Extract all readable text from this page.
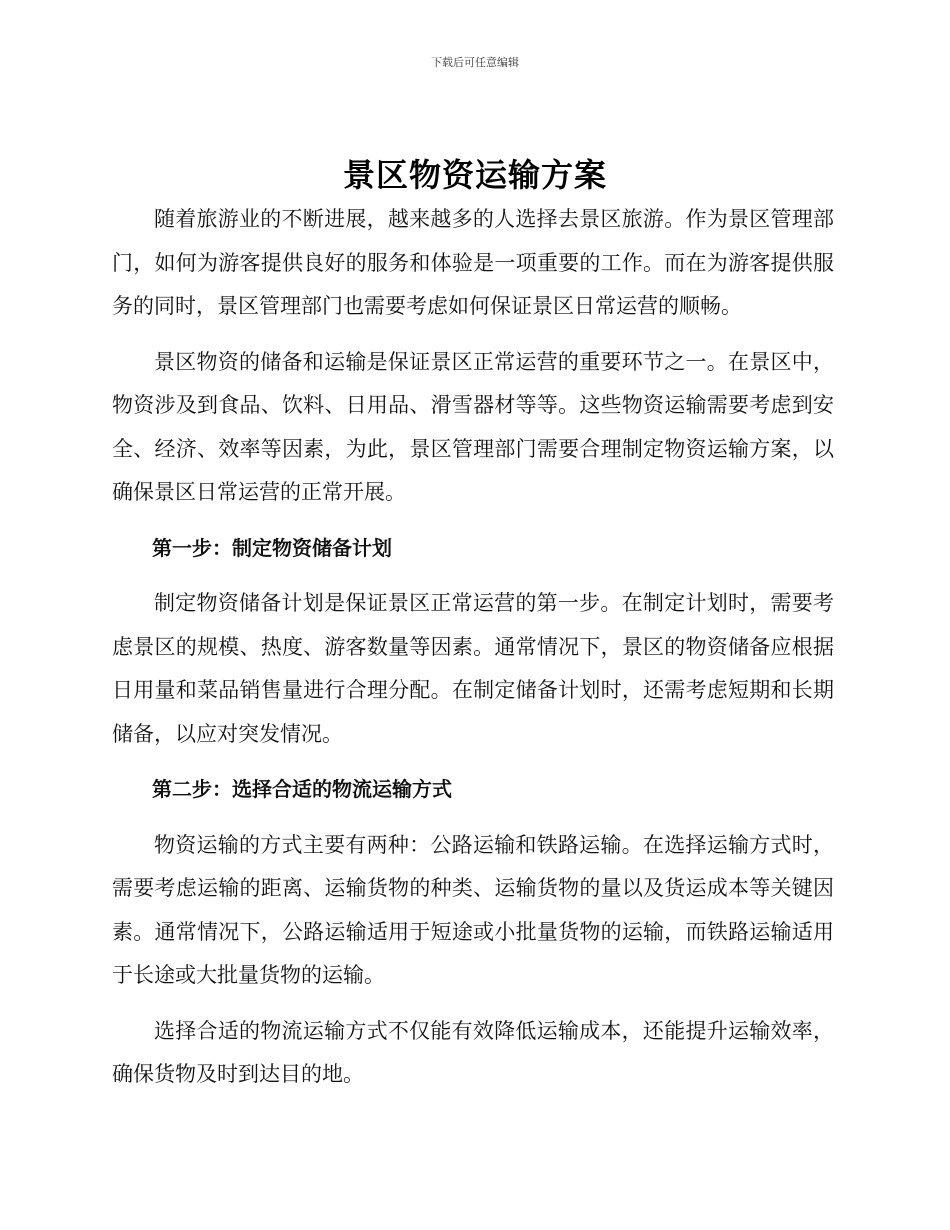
下载后可任意编辑
景区物资运输方案

随着旅游业的不断进展，越来越多的人选择去景区旅游。作为景区管理部门，如何为游客提供良好的服务和体验是一项重要的工作。而在为游客提供服务的同时，景区管理部门也需要考虑如何保证景区日常运营的顺畅。

景区物资的储备和运输是保证景区正常运营的重要环节之一。在景区中，物资涉及到食品、饮料、日用品、滑雪器材等等。这些物资运输需要考虑到安全、经济、效率等因素，为此，景区管理部门需要合理制定物资运输方案，以确保景区日常运营的正常开展。

第一步：制定物资储备计划

制定物资储备计划是保证景区正常运营的第一步。在制定计划时，需要考虑景区的规模、热度、游客数量等因素。通常情况下，景区的物资储备应根据日用量和菜品销售量进行合理分配。在制定储备计划时，还需考虑短期和长期储备，以应对突发情况。

第二步：选择合适的物流运输方式

物资运输的方式主要有两种：公路运输和铁路运输。在选择运输方式时，需要考虑运输的距离、运输货物的种类、运输货物的量以及货运成本等关键因素。通常情况下，公路运输适用于短途或小批量货物的运输，而铁路运输适用于长途或大批量货物的运输。

选择合适的物流运输方式不仅能有效降低运输成本，还能提升运输效率，确保货物及时到达目的地。
